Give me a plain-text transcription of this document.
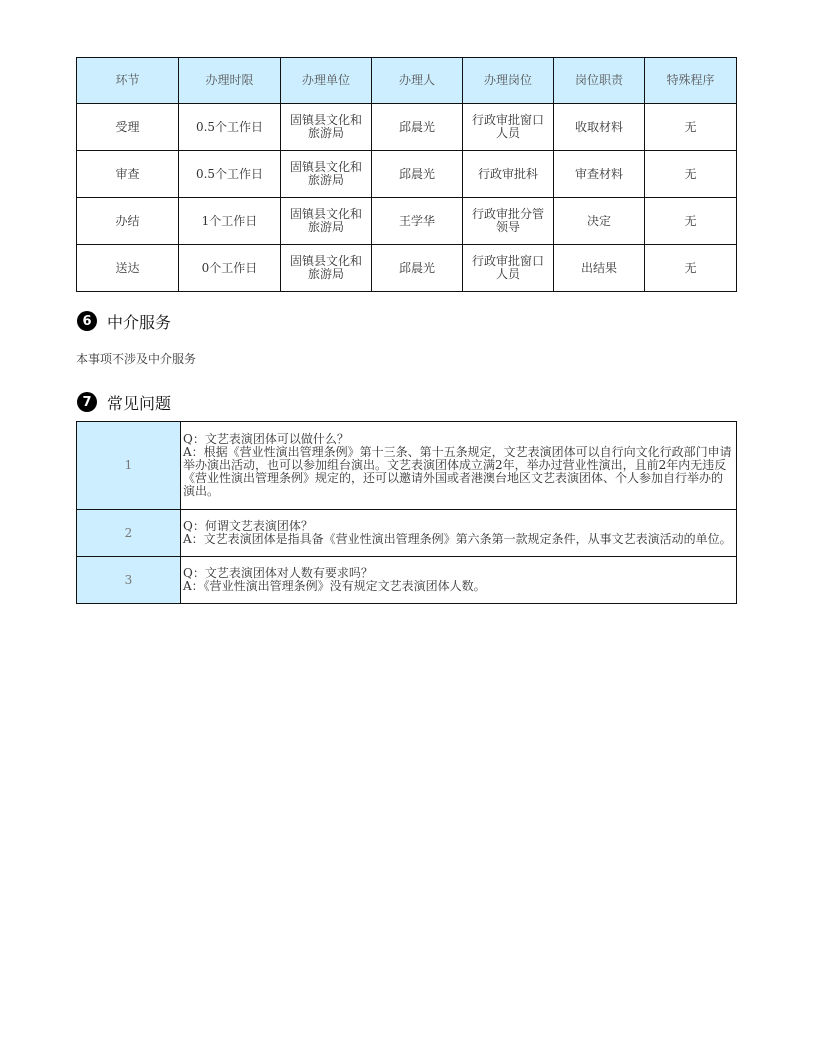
环节	办理时限	办理单位	办理人	办理岗位	岗位职责	特殊程序
受理	0.5个工作日	固镇县文化和旅游局	邱晨光	行政审批窗口人员	收取材料	无
审查	0.5个工作日	固镇县文化和旅游局	邱晨光	行政审批科	审查材料	无
办结	1个工作日	固镇县文化和旅游局	王学华	行政审批分管领导	决定	无
送达	0个工作日	固镇县文化和旅游局	邱晨光	行政审批窗口人员	出结果	无
6 中介服务
本事项不涉及中介服务
7 常见问题
1	Q：文艺表演团体可以做什么？
A：根据《营业性演出管理条例》第十三条、第十五条规定，文艺表演团体可以自行向文化行政部门申请举办演出活动，也可以参加组台演出。文艺表演团体成立满2年，举办过营业性演出，且前2年内无违反《营业性演出管理条例》规定的，还可以邀请外国或者港澳台地区文艺表演团体、个人参加自行举办的演出。

2	Q：何谓文艺表演团体？
A：文艺表演团体是指具备《营业性演出管理条例》第六条第一款规定条件，从事文艺表演活动的单位。

3	Q：文艺表演团体对人数有要求吗？
A：《营业性演出管理条例》没有规定文艺表演团体人数。
